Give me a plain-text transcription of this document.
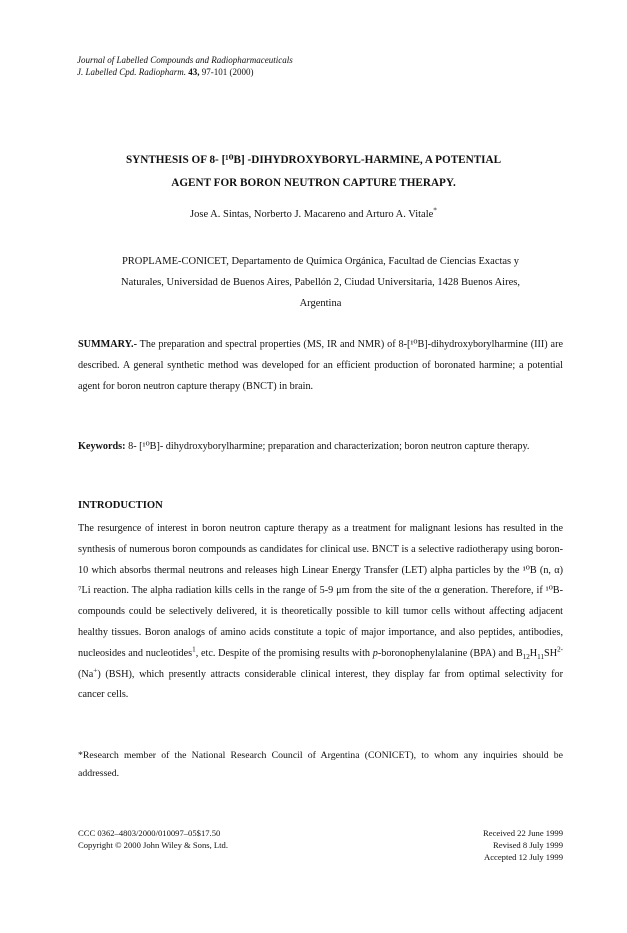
Journal of Labelled Compounds and Radiopharmaceuticals
J. Labelled Cpd. Radiopharm. 43, 97-101 (2000)
SYNTHESIS OF 8- [¹⁰B] -DIHYDROXYBORYL-HARMINE, A POTENTIAL
AGENT FOR BORON NEUTRON CAPTURE THERAPY.
Jose A. Sintas, Norberto J. Macareno and Arturo A. Vitale*
PROPLAME-CONICET, Departamento de Química Orgánica, Facultad de Ciencias Exactas y
Naturales, Universidad de Buenos Aires, Pabellón 2, Ciudad Universitaria, 1428 Buenos Aires,
Argentina
SUMMARY.- The preparation and spectral properties (MS, IR and NMR) of 8-[¹⁰B]-dihydroxyborylharmine (III) are described. A general synthetic method was developed for an efficient production of boronated harmine; a potential agent for boron neutron capture therapy (BNCT) in brain.
Keywords: 8- [¹⁰B]- dihydroxyborylharmine; preparation and characterization; boron neutron capture therapy.
INTRODUCTION
The resurgence of interest in boron neutron capture therapy as a treatment for malignant lesions has resulted in the synthesis of numerous boron compounds as candidates for clinical use. BNCT is a selective radiotherapy using boron-10 which absorbs thermal neutrons and releases high Linear Energy Transfer (LET) alpha particles by the ¹⁰B (n, α) ⁷Li reaction. The alpha radiation kills cells in the range of 5-9 μm from the site of the α generation. Therefore, if ¹⁰B-compounds could be selectively delivered, it is theoretically possible to kill tumor cells without affecting adjacent healthy tissues. Boron analogs of amino acids constitute a topic of major importance, and also peptides, antibodies, nucleosides and nucleotides$^1$, etc. Despite of the promising results with p-boronophenylalanine (BPA) and $B_{12}H_{11}SH^{2-}(Na^+)$ (BSH), which presently attracts considerable clinical interest, they display far from optimal selectivity for cancer cells.
*Research member of the National Research Council of Argentina (CONICET), to whom any inquiries should be addressed.
CCC 0362–4803/2000/010097–05$17.50
Copyright © 2000 John Wiley & Sons, Ltd.
Received 22 June 1999
Revised 8 July 1999
Accepted 12 July 1999
